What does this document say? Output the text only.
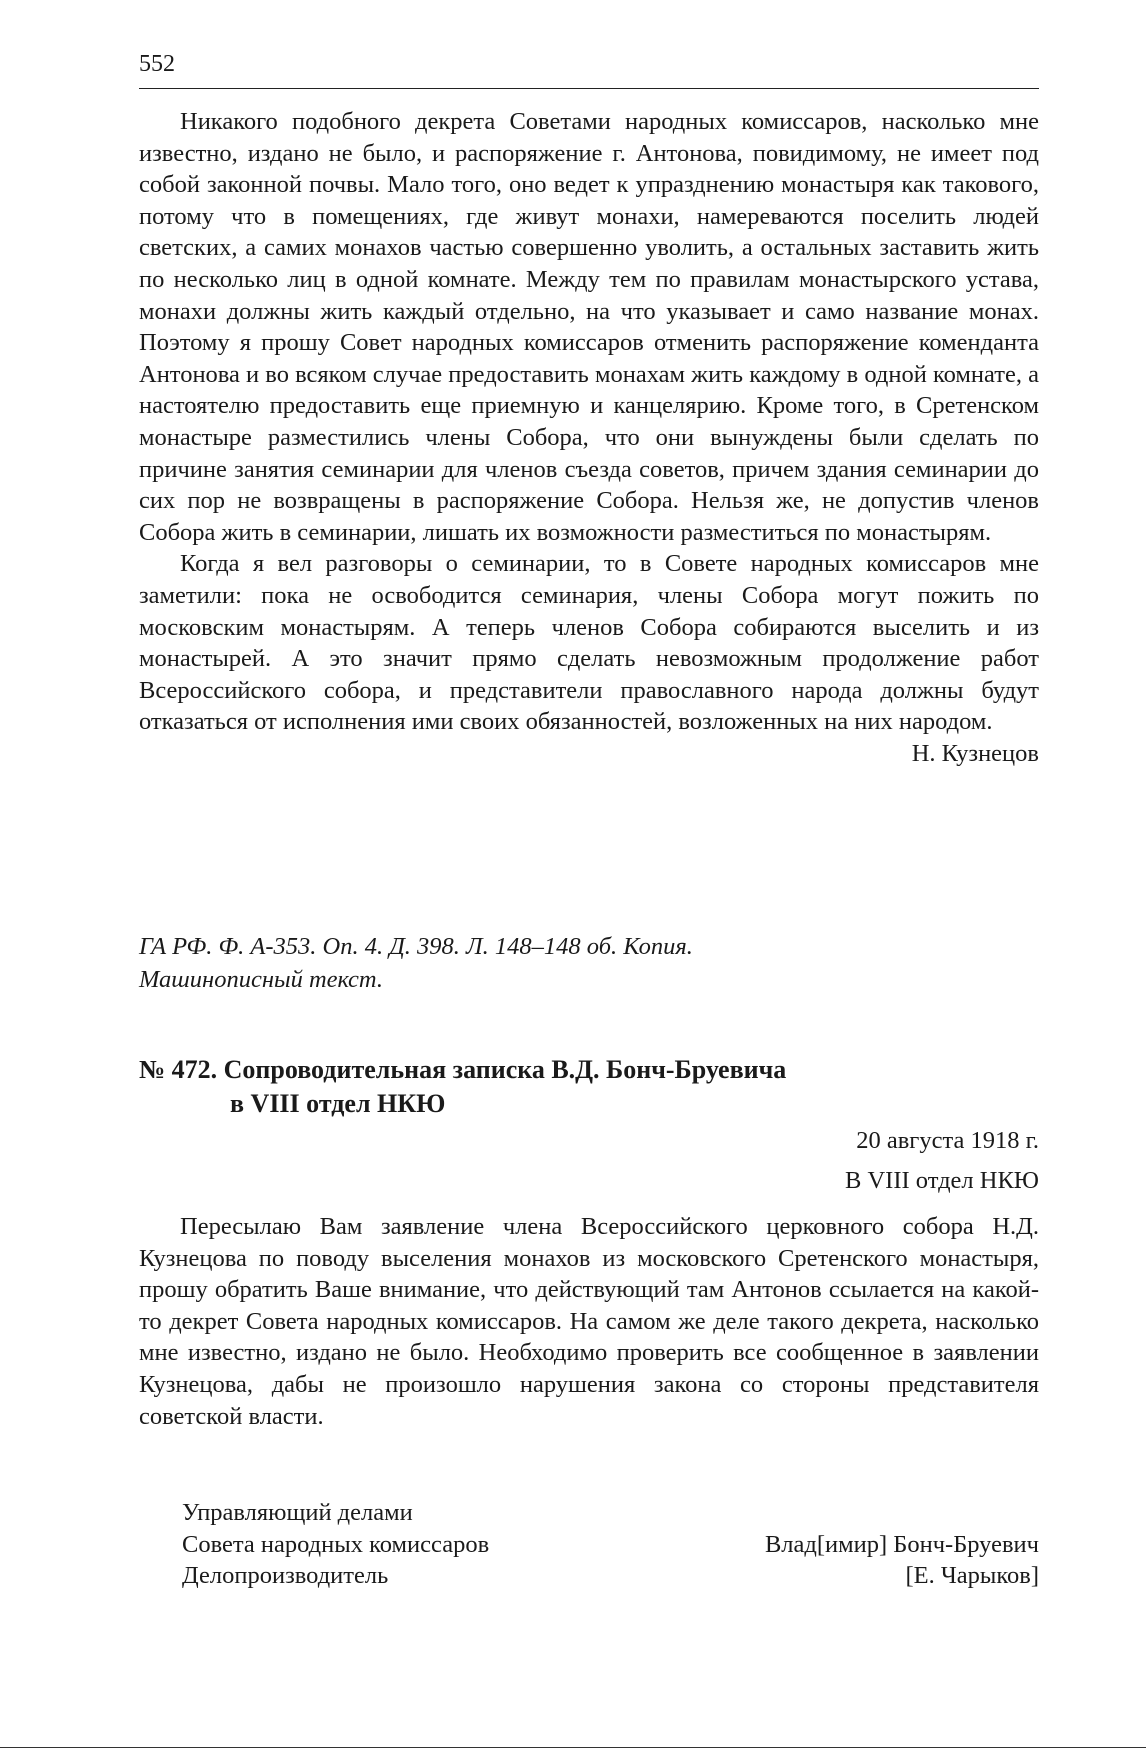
552

Никакого подобного декрета Советами народных комиссаров, насколько мне известно, издано не было, и распоряжение г. Антонова, повидимому, не имеет под собой законной почвы. Мало того, оно ведет к упразднению монастыря как такового, потому что в помещениях, где живут монахи, намереваются поселить людей светских, а самих монахов частью совершенно уволить, а остальных заставить жить по несколько лиц в одной комнате. Между тем по правилам монастырского устава, монахи должны жить каждый отдельно, на что указывает и само название монах. Поэтому я прошу Совет народных комиссаров отменить распоряжение коменданта Антонова и во всяком случае предоставить монахам жить каждому в одной комнате, а настоятелю предоставить еще приемную и канцелярию. Кроме того, в Сретенском монастыре разместились члены Собора, что они вынуждены были сделать по причине занятия семинарии для членов съезда советов, причем здания семинарии до сих пор не возвращены в распоряжение Собора. Нельзя же, не допустив членов Собора жить в семинарии, лишать их возможности разместиться по монастырям.

Когда я вел разговоры о семинарии, то в Совете народных комиссаров мне заметили: пока не освободится семинария, члены Собора могут пожить по московским монастырям. А теперь членов Собора собираются выселить и из монастырей. А это значит прямо сделать невозможным продолжение работ Всероссийского собора, и представители православного народа должны будут отказаться от исполнения ими своих обязанностей, возложенных на них народом.

Н. Кузнецов

ГА РФ. Ф. А-353. Оп. 4. Д. 398. Л. 148–148 об. Копия.
Машинописный текст.
№ 472. Сопроводительная записка В.Д. Бонч-Бруевича
в VIII отдел НКЮ
20 августа 1918 г.
В VIII отдел НКЮ

Пересылаю Вам заявление члена Всероссийского церковного собора Н.Д. Кузнецова по поводу выселения монахов из московского Сретенского монастыря, прошу обратить Ваше внимание, что действующий там Антонов ссылается на какой-то декрет Совета народных комиссаров. На самом же деле такого декрета, насколько мне известно, издано не было. Необходимо проверить все сообщенное в заявлении Кузнецова, дабы не произошло нарушения закона со стороны представителя советской власти.

Управляющий делами
Совета народных комиссаров	Влад[имир] Бонч-Бруевич
Делопроизводитель	[Е. Чарыков]
